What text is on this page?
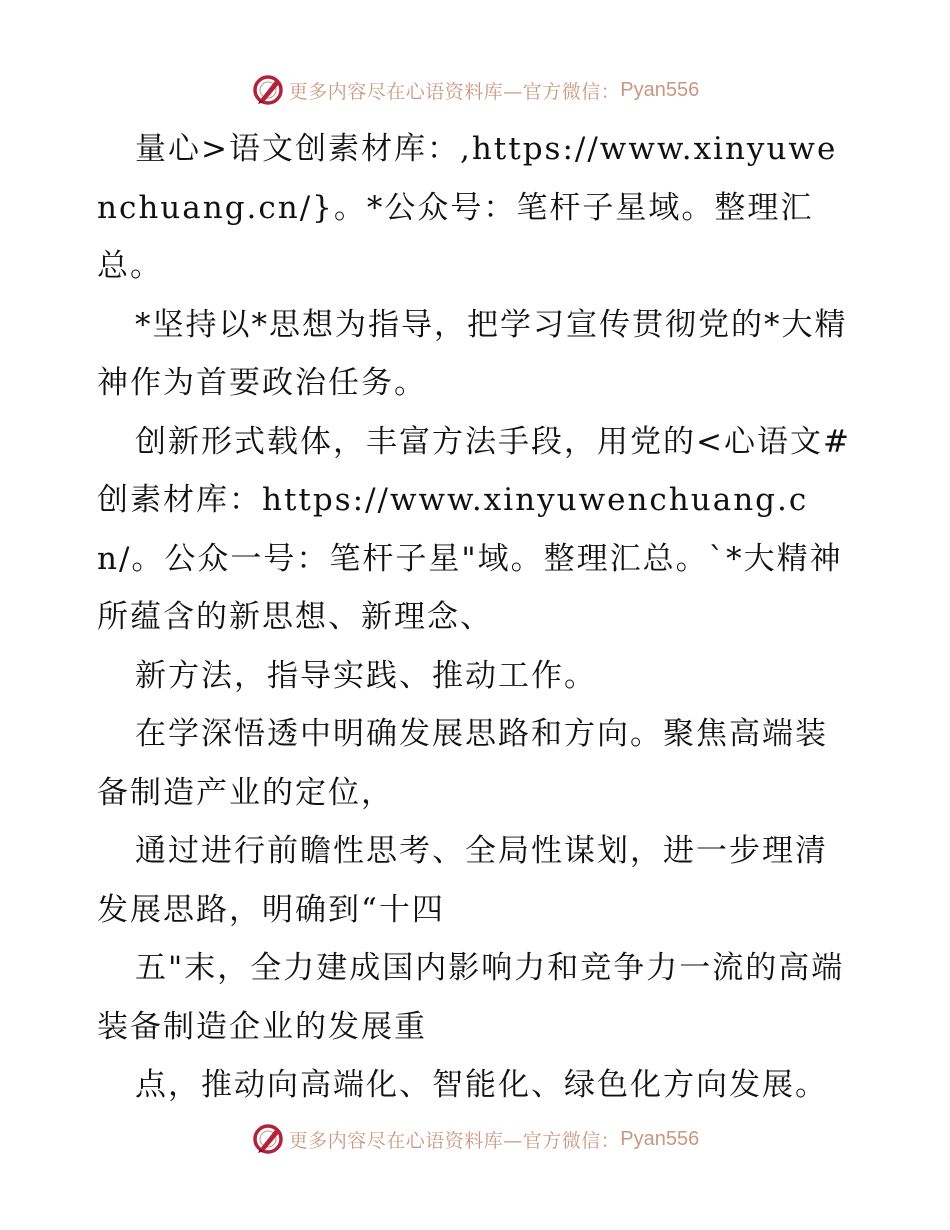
更多内容尽在心语资料库—官方微信： Pyan556

量心>语文创素材库：,https://www.xinyuwenchuang.cn/}。*公众号：笔杆子星域。整理汇总。

*坚持以*思想为指导，把学习宣传贯彻党的*大精神作为首要政治任务。

创新形式载体，丰富方法手段，用党的<心语文#创素材库：https://www.xinyuwenchuang.cn/。公众一号：笔杆子星"域。整理汇总。`*大精神所蕴含的新思想、新理念、

新方法，指导实践、推动工作。

在学深悟透中明确发展思路和方向。聚焦高端装备制造产业的定位，

通过进行前瞻性思考、全局性谋划，进一步理清发展思路，明确到“十四

五"末，全力建成国内影响力和竞争力一流的高端装备制造企业的发展重

点，推动向高端化、智能化、绿色化方向发展。

更多内容尽在心语资料库—官方微信： Pyan556
